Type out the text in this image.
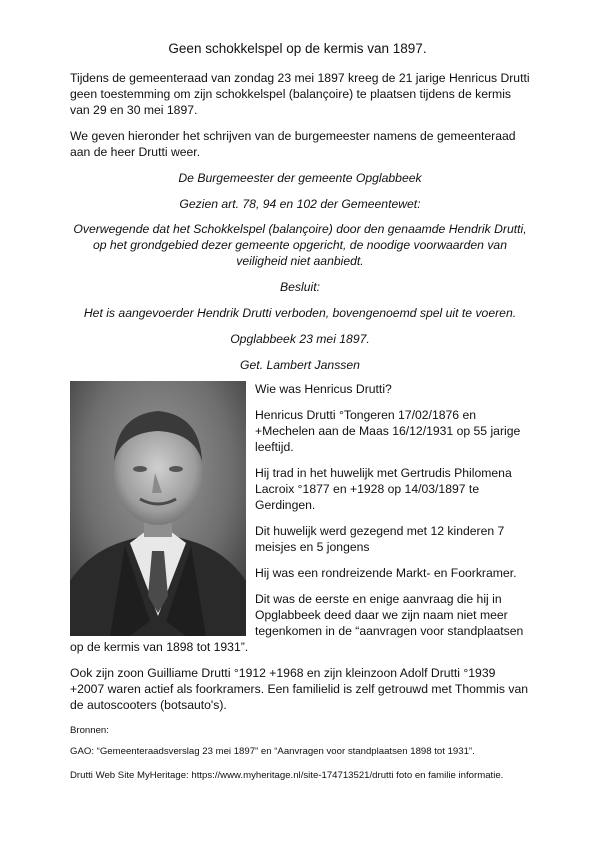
Geen schokkelspel op de kermis van 1897.

Tijdens de gemeenteraad van zondag 23 mei 1897 kreeg de 21 jarige Henricus Drutti

geen toestemming om zijn schokkelspel (balançoire) te plaatsen tijdens de kermis

van 29 en 30 mei 1897.

We geven hieronder het schrijven van de burgemeester namens de gemeenteraad

aan de heer Drutti weer.

De Burgemeester der gemeente Opglabbeek

Gezien art. 78, 94 en 102 der Gemeentewet:

Overwegende dat het Schokkelspel (balançoire) door den genaamde Hendrik Drutti,

op het grondgebied dezer gemeente opgericht, de noodige voorwaarden van

veiligheid niet aanbiedt.

Besluit:

Het is aangevoerder Hendrik Drutti verboden, bovengenoemd spel uit te voeren.

Opglabbeek 23 mei 1897.

Get. Lambert Janssen

Wie was Henricus Drutti?

Henricus Drutti °Tongeren 17/02/1876 en

+Mechelen aan de Maas 16/12/1931 op 55 jarige

leeftijd.

Hij trad in het huwelijk met Gertrudis Philomena

Lacroix °1877 en +1928 op 14/03/1897 te

Gerdingen.

Dit huwelijk werd gezegend met 12 kinderen 7

meisjes en 5 jongens

Hij was een rondreizende Markt- en Foorkramer.

Dit was de eerste en enige aanvraag die hij in

Opglabbeek deed daar we zijn naam niet meer

tegenkomen in de “aanvragen voor standplaatsen

op de kermis van 1898 tot 1931”.

Ook zijn zoon Guilliame Drutti °1912 +1968 en zijn kleinzoon Adolf Drutti °1939

+2007 waren actief als foorkramers. Een familielid is zelf getrouwd met Thommis van

de autoscooters (botsauto's).

Bronnen:

GAO: “Gemeenteraadsverslag 23 mei 1897” en “Aanvragen voor standplaatsen 1898 tot 1931”.

Drutti Web Site MyHeritage: https://www.myheritage.nl/site-174713521/drutti foto en familie informatie.
